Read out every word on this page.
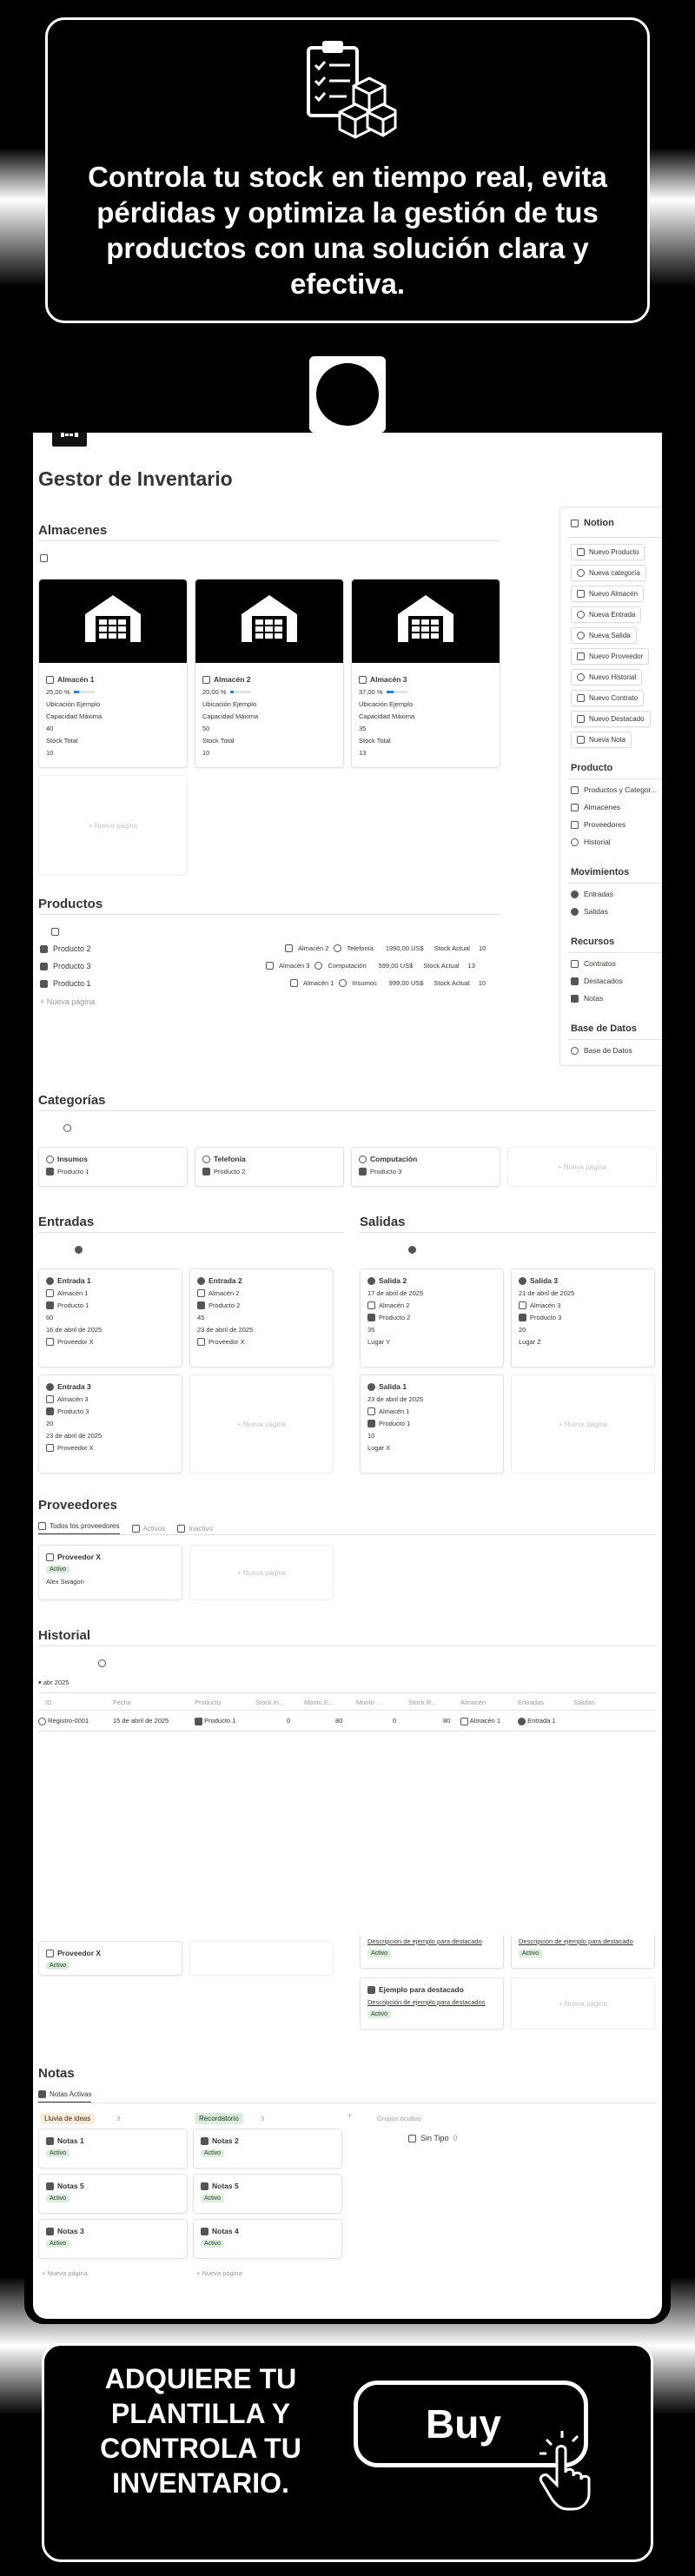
Controla tu stock en tiempo real, evita pérdidas y optimiza la gestión de tus productos con una solución clara y efectiva.
Gestor de Inventario
Almacenes

Almacén 1
25,00 %
Ubicación Ejemplo
Capacidad Máxima
40
Stock Total
10
Almacén 2
20,00 %
Ubicación Ejemplo
Capacidad Máxima
50
Stock Total
10
Almacén 3
37,00 %
Ubicación Ejemplo
Capacidad Máxima
35
Stock Total
13
+ Nueva página
Productos

Producto 2	Almacén 2	Telefonía 1990,00 US$ Stock Actual 10
Producto 3	Almacén 3	Computación 599,00 US$ Stock Actual 13
Producto 1	Almacén 1	Insumos 999,00 US$ Stock Actual 10
+ Nueva página
Notion
Nuevo Producto
Nueva categoría
Nuevo Almacén
Nueva Entrada
Nueva Salida
Nuevo Proveedor
Nuevo Historial
Nuevo Contrato
Nuevo Destacado
Nueva Nota
Producto
Productos y Categor...
Almacenes
Proveedores
Historial
Movimientos
Entradas
Salidas
Recursos
Contratos
Destacados
Notas
Base de Datos
Base de Datos
Categorías

Insumos
Producto 1
Telefonía
Producto 2
Computación
Producto 3
+ Nueva página
Entradas

Entrada 1
Almacén 1
Producto 1
60
16 de abril de 2025
Proveedor X
Entrada 2
Almacén 2
Producto 2
45
23 de abril de 2025
Proveedor X
Entrada 3
Almacén 3
Producto 3
20
23 de abril de 2025
Proveedor X
+ Nueva página
Salidas

Salida 2
17 de abril de 2025
Almacén 2
Producto 2
35
Lugar Y
Salida 3
21 de abril de 2025
Almacén 3
Producto 3
20
Lugar Z
Salida 1
23 de abril de 2025
Almacén 1
Producto 1
10
Lugar X
+ Nueva página
Proveedores
Todos los proveedores	Activos	Inactivo
Proveedor X
Activo
Alex Swagon
+ Nueva página
Historial
▾ abr 2025
ID	Fecha	Producto	Stock In...	Monto E...	Monto ...	Stock R...	Almacén	Entradas	Salidas
Registro-0001	15 de abril de 2025	Producto 1	0	80	0	80	Almacén 1	Entrada 1
Proveedor X
Activo
Descripción de ejemplo para destacado
Activo
Descripción de ejemplo para destacado
Activo
Ejemplo para destacado
Descripción de ejemplo para destacados
Activo
+ Nueva página
Notas
Notas Activas
Lluvia de ideas	3	Recordatorio	3	+	Grupos ocultos
Sin Tipo 0
Notas 1
Activo
Notas 5
Activo
Notas 3
Activo
+ Nueva página
Notas 2
Activo
Notas 5
Activo
Notas 4
Activo
+ Nueva página
ADQUIERE TU PLANTILLA Y CONTROLA TU INVENTARIO.
Buy
